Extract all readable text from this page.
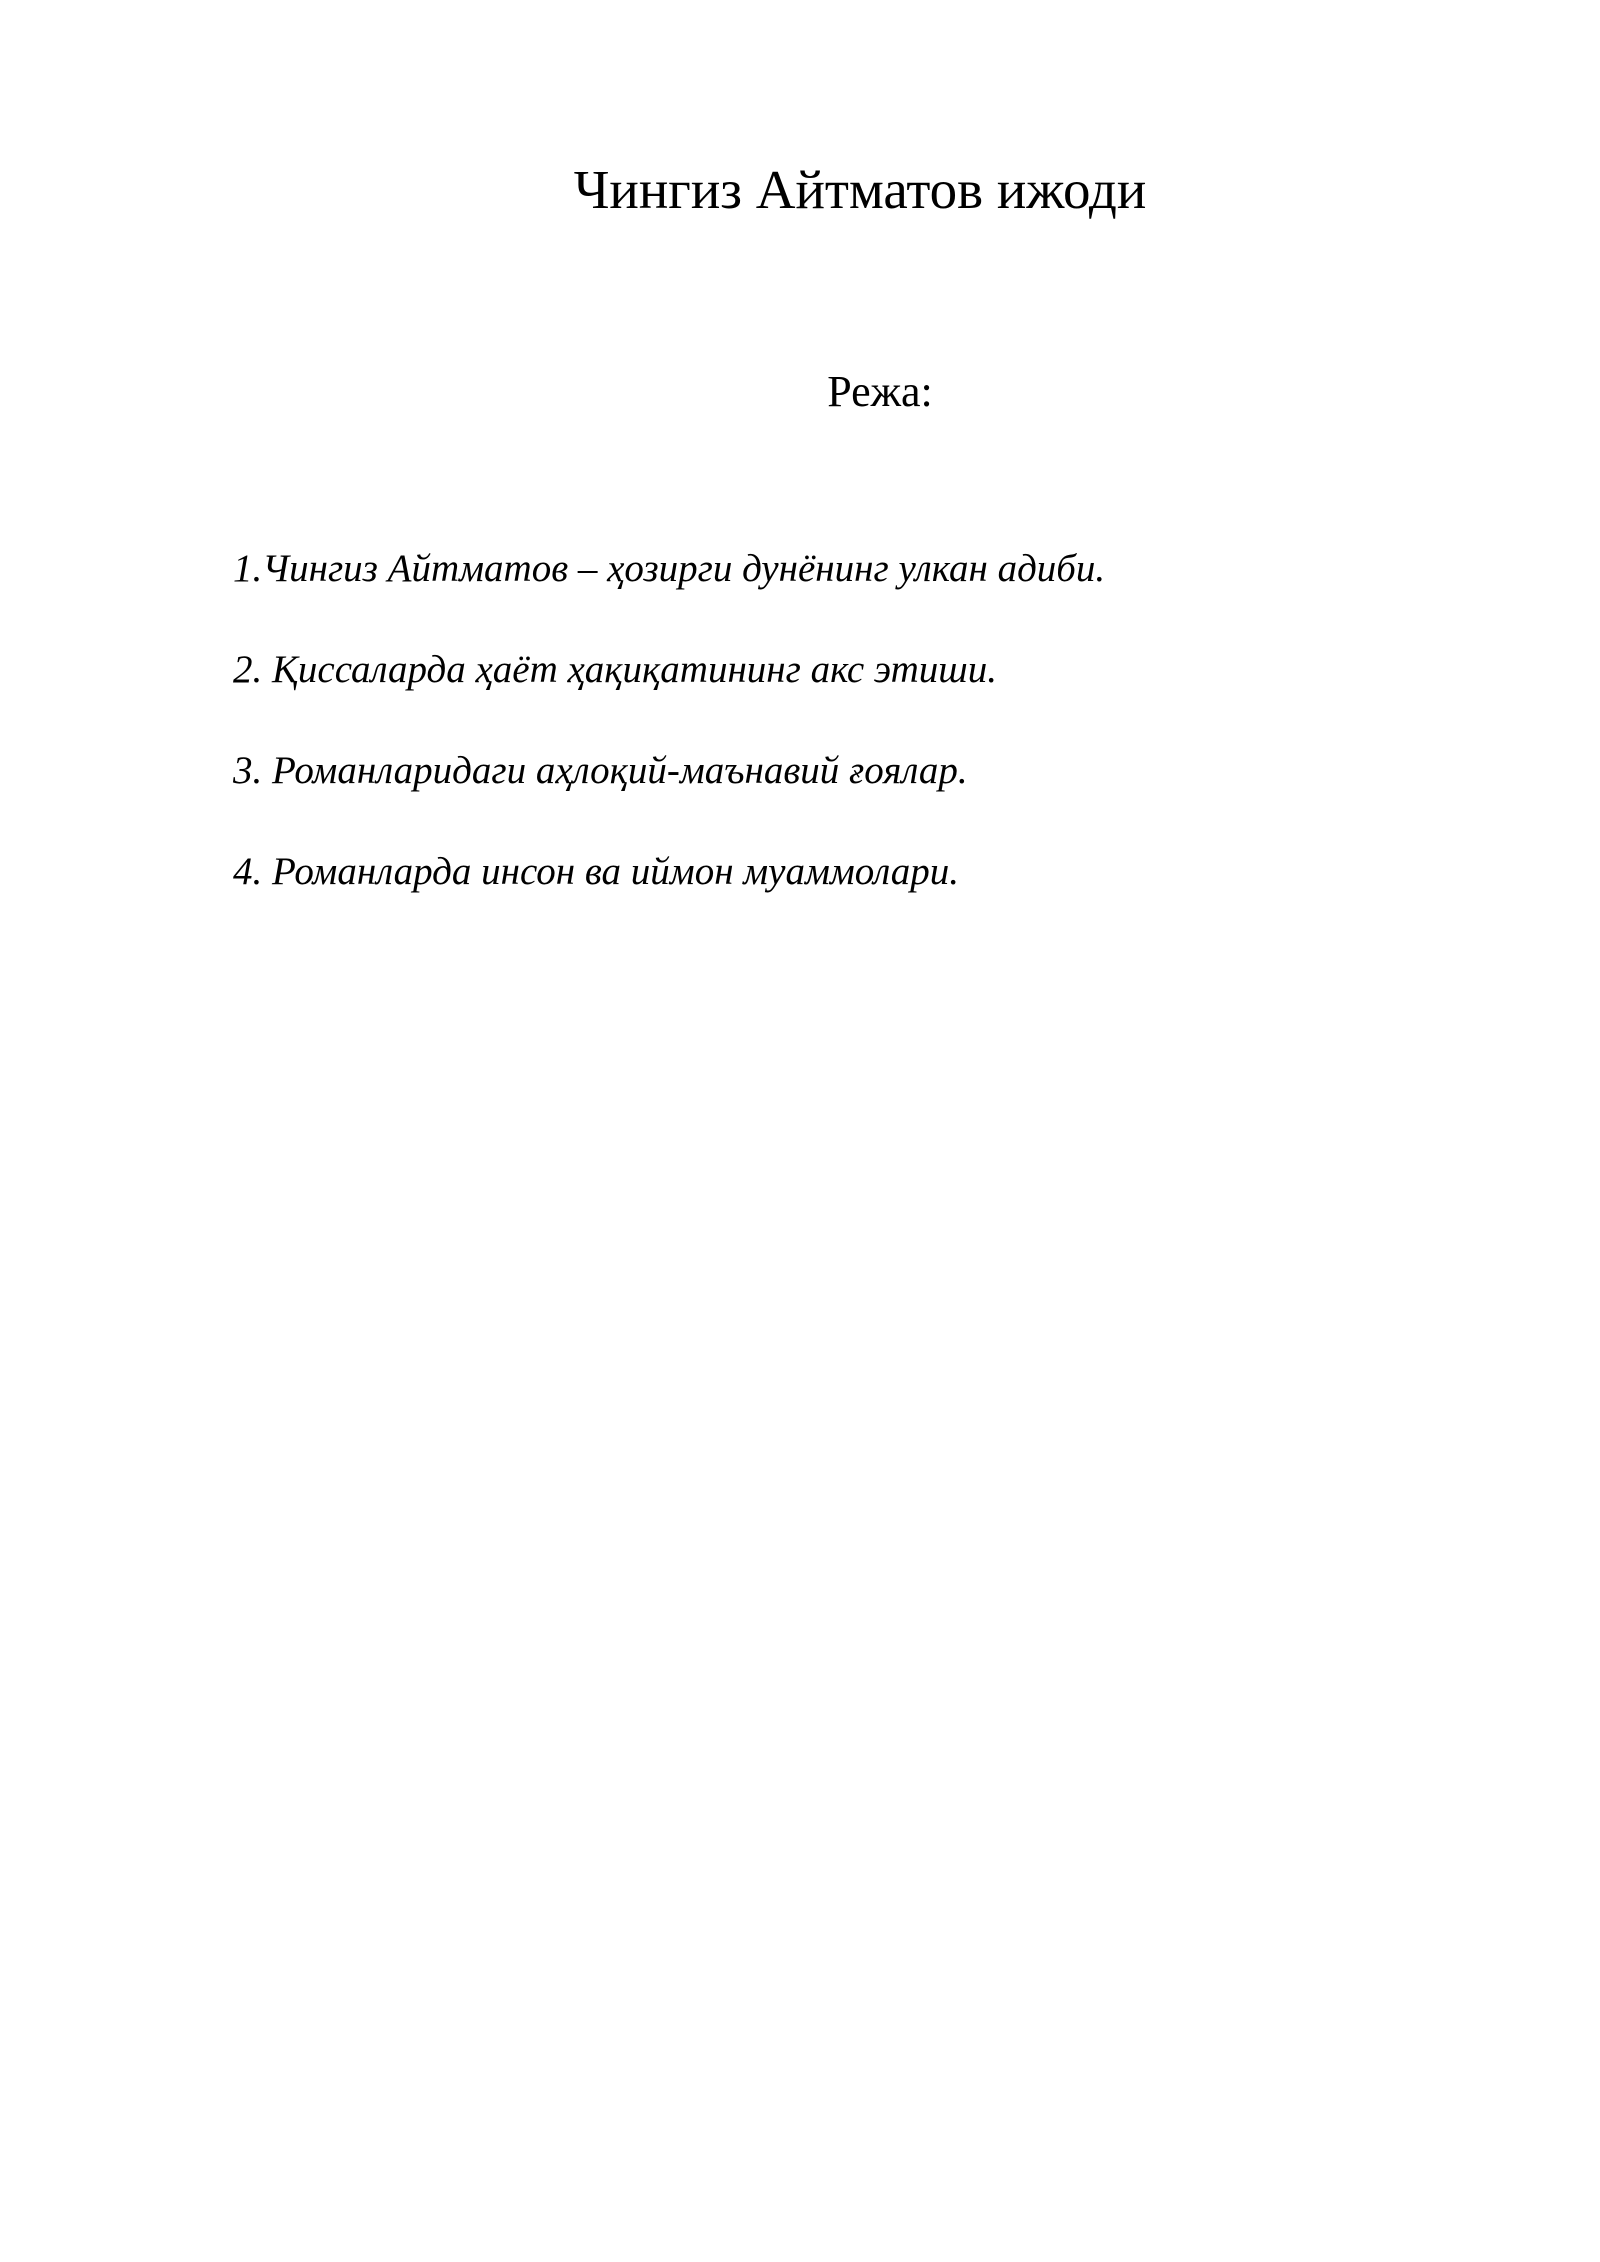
Чингиз Айтматов ижоди
Режа:
1.Чингиз Айтматов – ҳозирги дунёнинг улкан адиби.
2. Қиссаларда ҳаёт ҳақиқатининг акс этиши.
3. Романларидаги аҳлоқий-маънавий ғоялар.
4. Романларда инсон ва иймон муаммолари.
